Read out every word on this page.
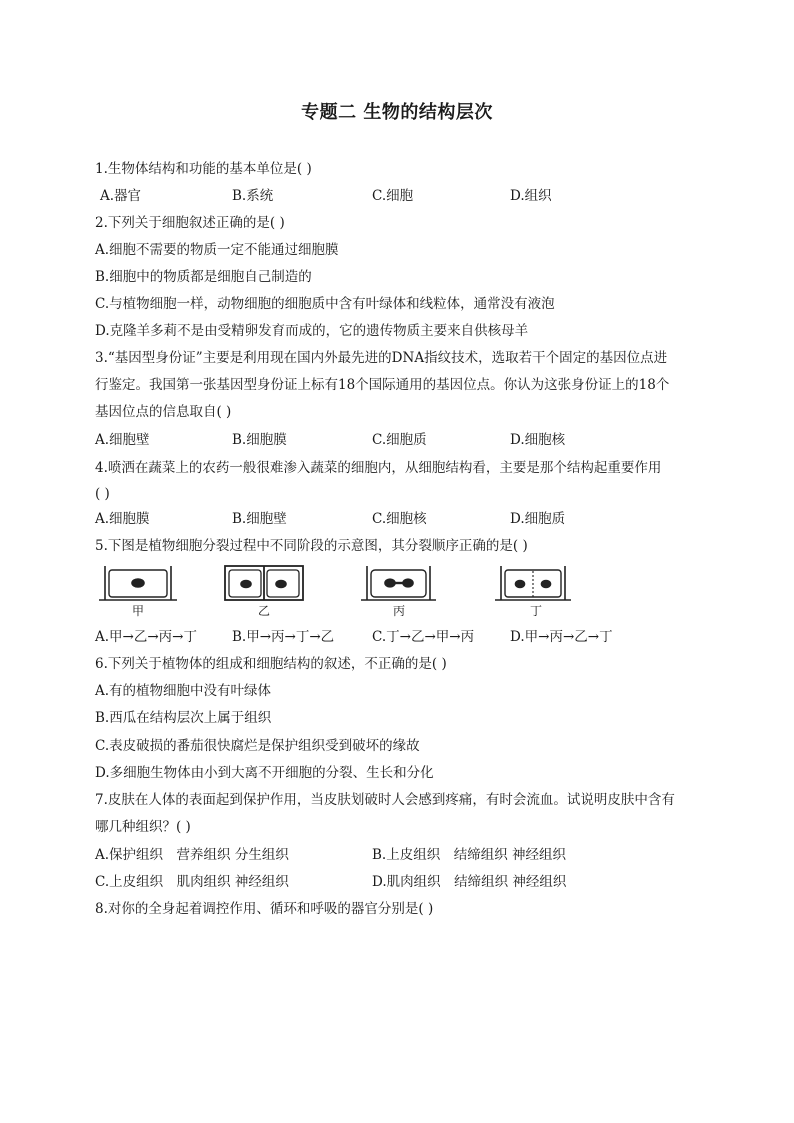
专题二 生物的结构层次
1.生物体结构和功能的基本单位是( )
A.器官	B.系统	C.细胞	D.组织
2.下列关于细胞叙述正确的是( )
A.细胞不需要的物质一定不能通过细胞膜
B.细胞中的物质都是细胞自己制造的
C.与植物细胞一样，动物细胞的细胞质中含有叶绿体和线粒体，通常没有液泡
D.克隆羊多莉不是由受精卵发育而成的，它的遗传物质主要来自供核母羊
3.“基因型身份证”主要是利用现在国内外最先进的DNA指纹技术，选取若干个固定的基因位点进
行鉴定。我国第一张基因型身份证上标有18个国际通用的基因位点。你认为这张身份证上的18个
基因位点的信息取自( )
A.细胞壁	B.细胞膜	C.细胞质	D.细胞核
4.喷洒在蔬菜上的农药一般很难渗入蔬菜的细胞内，从细胞结构看，主要是那个结构起重要作用
( )
A.细胞膜	B.细胞壁	C.细胞核	D.细胞质
5.下图是植物细胞分裂过程中不同阶段的示意图，其分裂顺序正确的是( )
甲	乙	丙	丁
A.甲→乙→丙→丁	B.甲→丙→丁→乙	C.丁→乙→甲→丙	D.甲→丙→乙→丁
6.下列关于植物体的组成和细胞结构的叙述，不正确的是( )
A.有的植物细胞中没有叶绿体
B.西瓜在结构层次上属于组织
C.表皮破损的番茄很快腐烂是保护组织受到破坏的缘故
D.多细胞生物体由小到大离不开细胞的分裂、生长和分化
7.皮肤在人体的表面起到保护作用，当皮肤划破时人会感到疼痛，有时会流血。试说明皮肤中含有
哪几种组织？( )
A.保护组织　营养组织 分生组织	B.上皮组织　结缔组织 神经组织
C.上皮组织　肌肉组织 神经组织	D.肌肉组织　结缔组织 神经组织
8.对你的全身起着调控作用、循环和呼吸的器官分别是( )
